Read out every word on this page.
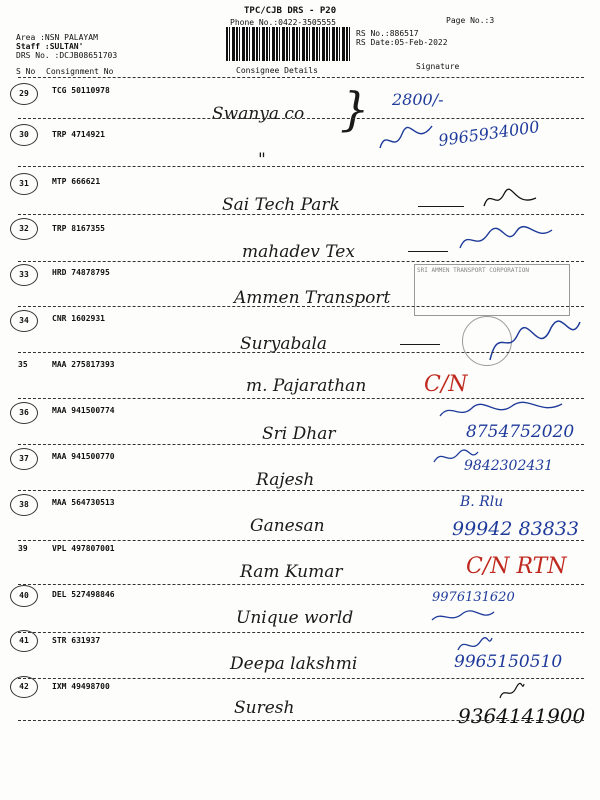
TPC/CJB DRS - P20
Phone No.:0422-3505555	Page No.:3
Area :NSN PALAYAM
Staff :SULTAN'
DRS No. :DCJB08651703
RS No.:886517
RS Date:05-Feb-2022
S No Consignment No	Consignee Details	Signature
29	TCG 50110978
Swanya co } 2800/-
9965934000
30	TRP 4714921
"
31	MTP 666621
Sai Tech Park
32	TRP 8167355
mahadev Tex
33	HRD 74878795
Ammen Transport
SRI AMMEN TRANSPORT CORPORATION
34	CNR 1602931
Suryabala
35	MAA 275817393
m. Pajarathan	C/N
36	MAA 941500774
Sri Dhar	8754752020
37	MAA 941500770
Rajesh
9842302431
38	MAA 564730513
Ganesan
B. Rlu
99942 83833
39	VPL 497807001
Ram Kumar	C/N RTN
40	DEL 527498846
Unique world
9976131620
41	STR 631937
Deepa lakshmi	9965150510
42	IXM 49498700
Suresh	9364141900
